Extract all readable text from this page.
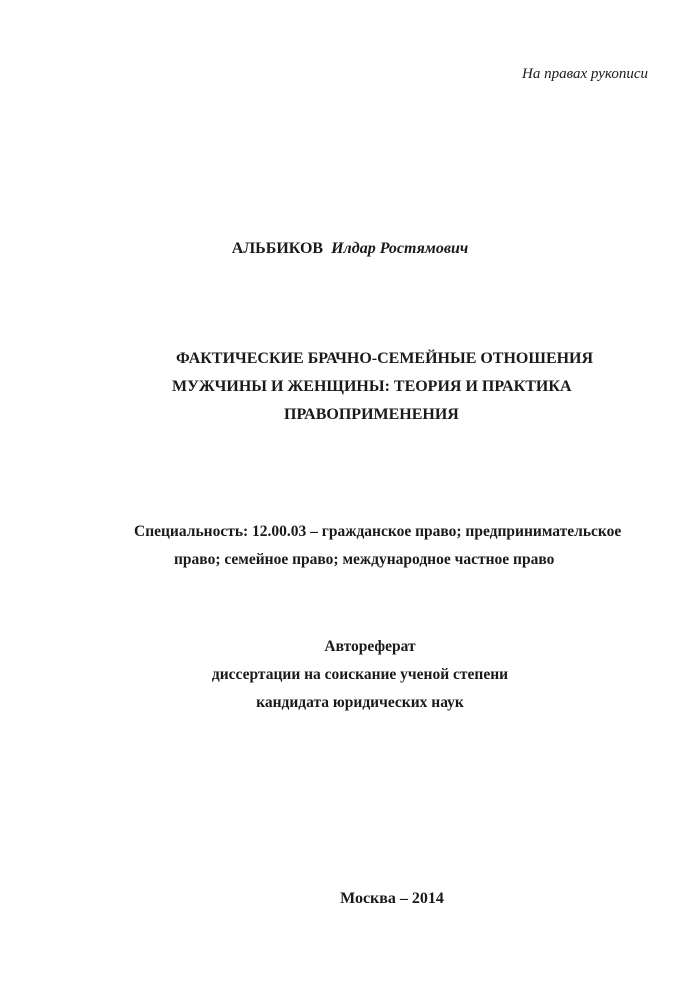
На правах рукописи
АЛЬБИКОВ Илдар Ростямович
ФАКТИЧЕСКИЕ БРАЧНО-СЕМЕЙНЫЕ ОТНОШЕНИЯ
МУЖЧИНЫ И ЖЕНЩИНЫ: ТЕОРИЯ И ПРАКТИКА
ПРАВОПРИМЕНЕНИЯ
Специальность: 12.00.03 – гражданское право; предпринимательское
право; семейное право; международное частное право
Автореферат
диссертации на соискание ученой степени
кандидата юридических наук
Москва – 2014
